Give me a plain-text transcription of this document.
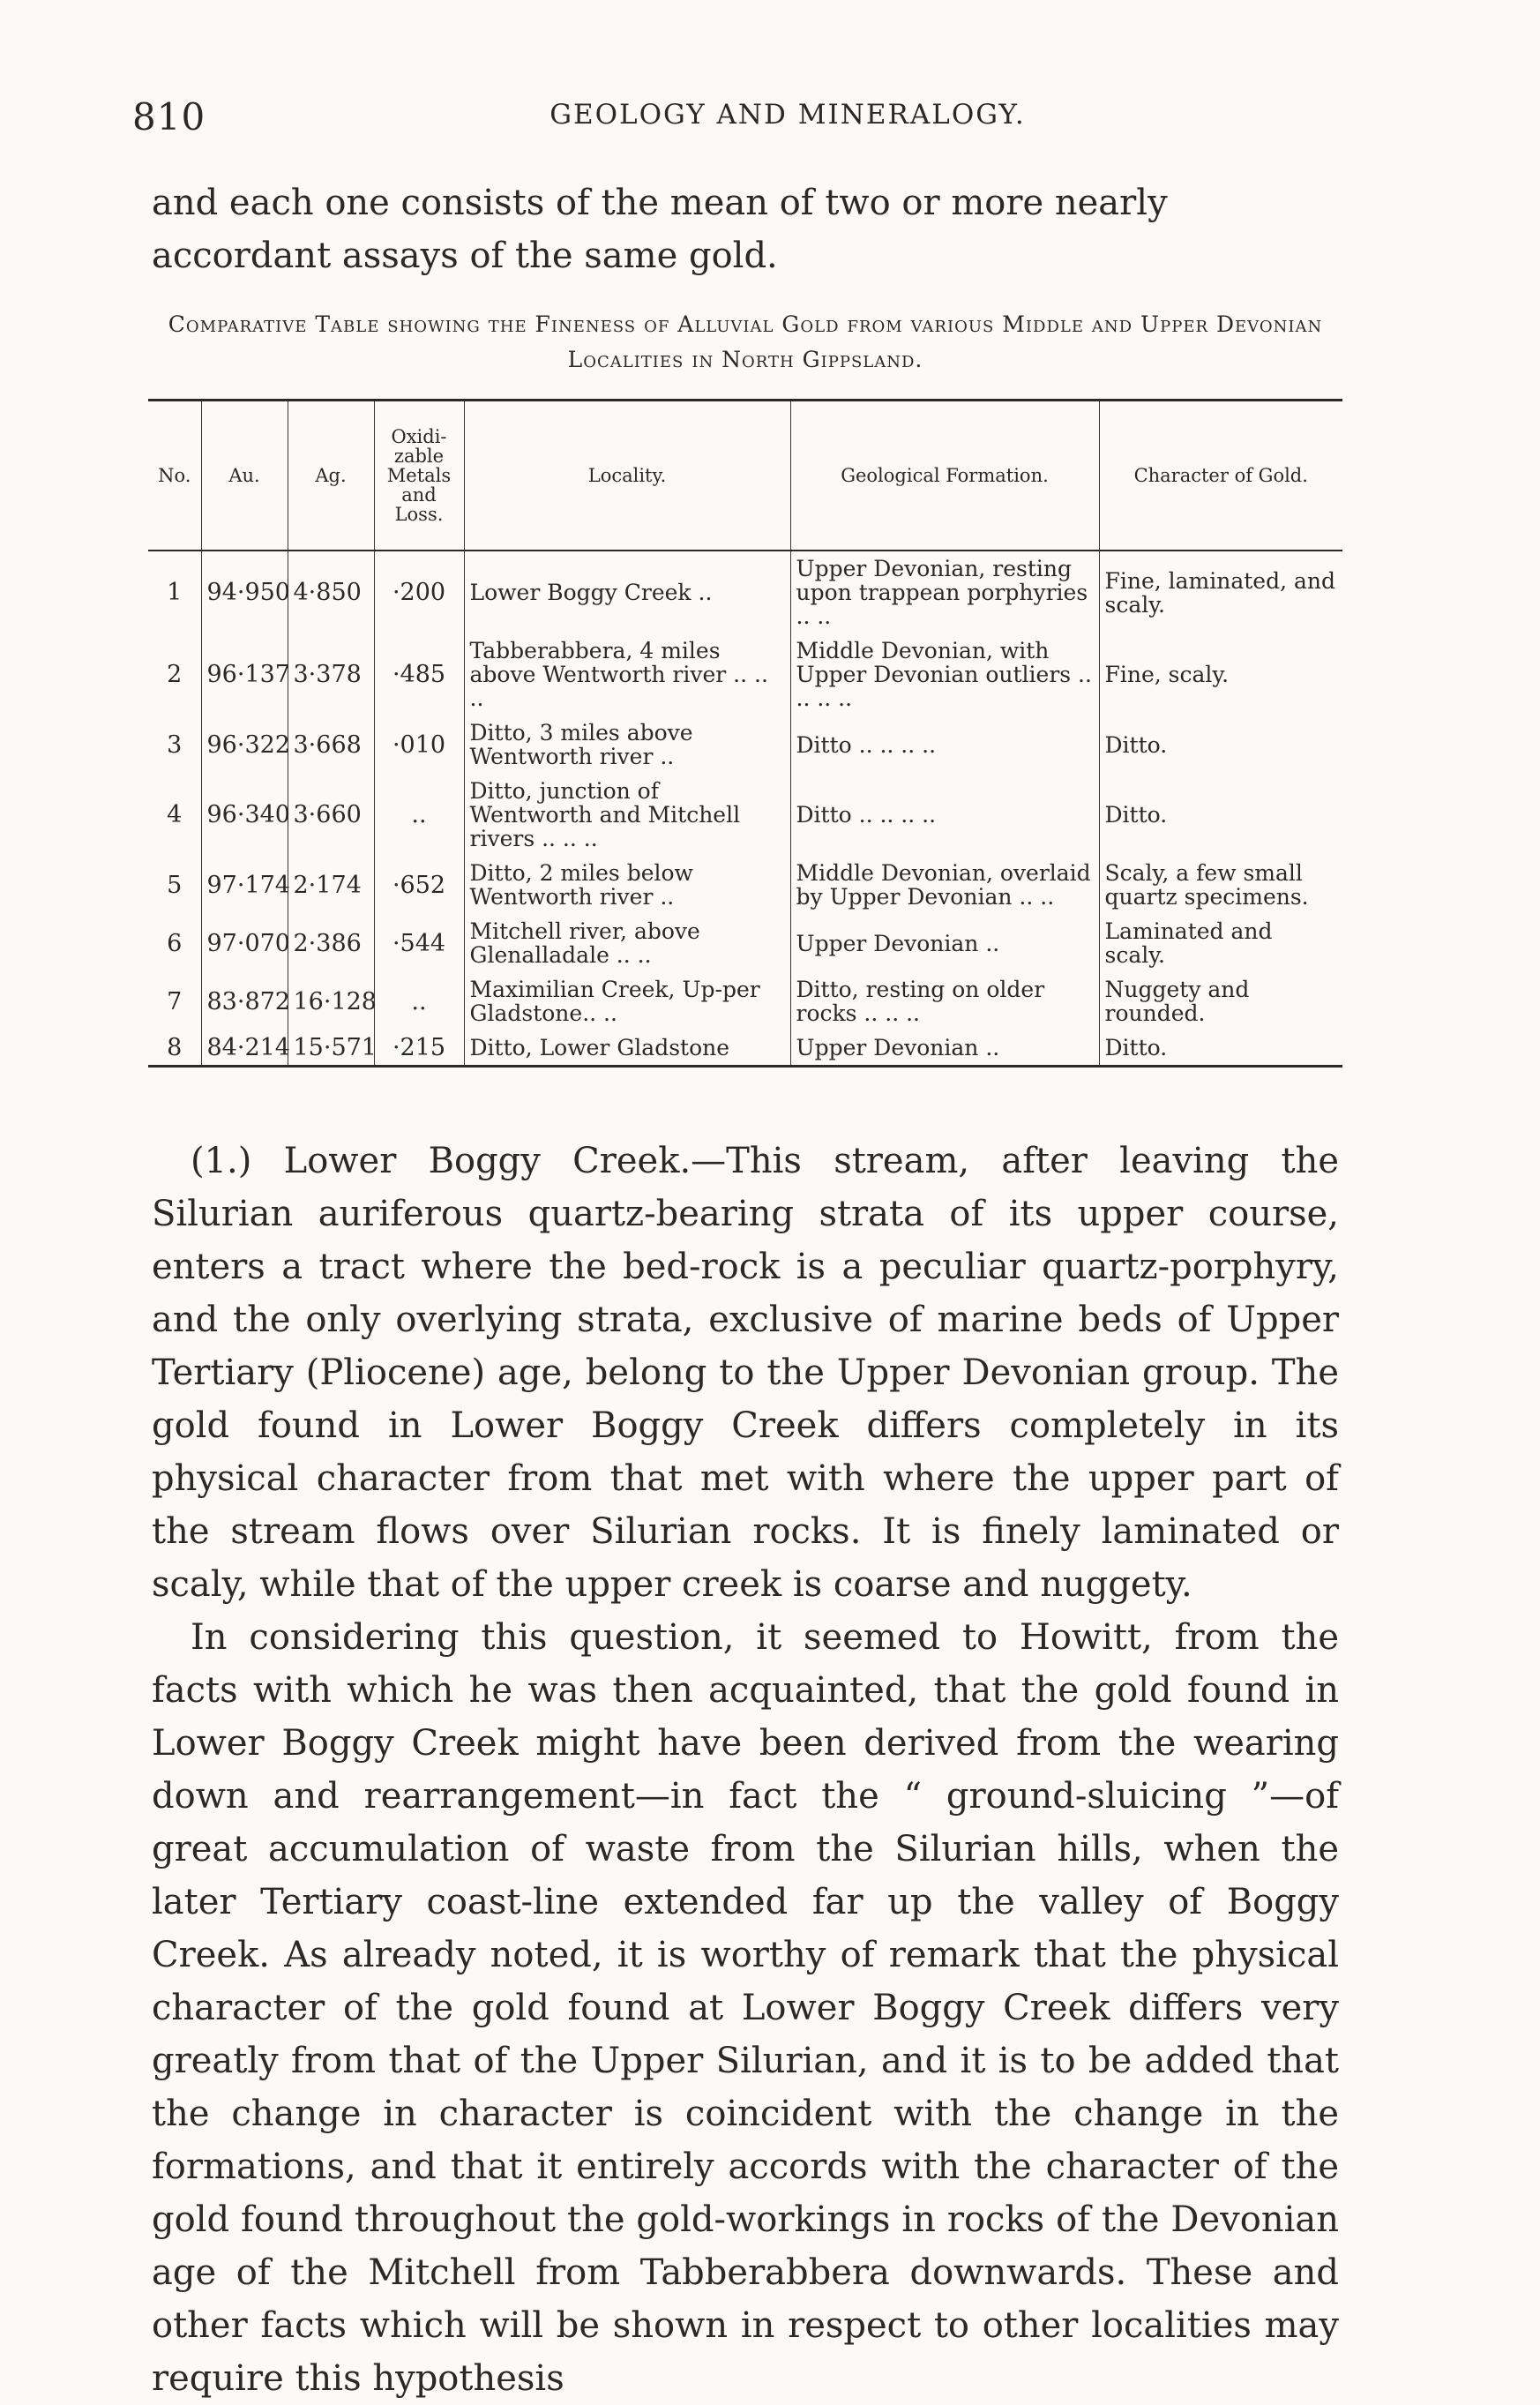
810	GEOLOGY AND MINERALOGY.

and each one consists of the mean of two or more nearly accordant assays of the same gold.

Comparative Table showing the Fineness of Alluvial Gold from various Middle and Upper Devonian Localities in North Gippsland.

No.	Au.	Ag.	Oxidi-zable Metals and Loss.	Locality.	Geological Formation.	Character of Gold.
1	94·950	4·850	·200	Lower Boggy Creek ..	Upper Devonian, resting upon trappean porphyries .. ..	Fine, laminated, and scaly.
2	96·137	3·378	·485	Tabberabbera, 4 miles above Wentworth river .. .. ..	Middle Devonian, with Upper Devonian outliers .. .. .. ..	Fine, scaly.
3	96·322	3·668	·010	Ditto, 3 miles above Wentworth river ..	Ditto .. .. .. ..	Ditto.
4	96·340	3·660	..	Ditto, junction of Wentworth and Mitchell rivers .. .. ..	Ditto .. .. .. ..	Ditto.
5	97·174	2·174	·652	Ditto, 2 miles below Wentworth river ..	Middle Devonian, overlaid by Upper Devonian .. ..	Scaly, a few small quartz specimens.
6	97·070	2·386	·544	Mitchell river, above Glenalladale .. ..	Upper Devonian ..	Laminated and scaly.
7	83·872	16·128	..	Maximilian Creek, Up-per Gladstone.. ..	Ditto, resting on older rocks .. .. ..	Nuggety and rounded.
8	84·214	15·571	·215	Ditto, Lower Gladstone	Upper Devonian ..	Ditto.

(1.) Lower Boggy Creek.—This stream, after leaving the Silurian auriferous quartz-bearing strata of its upper course, enters a tract where the bed-rock is a peculiar quartz-porphyry, and the only overlying strata, exclusive of marine beds of Upper Tertiary (Pliocene) age, belong to the Upper Devonian group. The gold found in Lower Boggy Creek differs completely in its physical character from that met with where the upper part of the stream flows over Silurian rocks. It is finely laminated or scaly, while that of the upper creek is coarse and nuggety.

In considering this question, it seemed to Howitt, from the facts with which he was then acquainted, that the gold found in Lower Boggy Creek might have been derived from the wearing down and rearrangement—in fact the “ ground-sluicing ”—of great accumulation of waste from the Silurian hills, when the later Tertiary coast-line extended far up the valley of Boggy Creek. As already noted, it is worthy of remark that the physical character of the gold found at Lower Boggy Creek differs very greatly from that of the Upper Silurian, and it is to be added that the change in character is coincident with the change in the formations, and that it entirely accords with the character of the gold found throughout the gold-workings in rocks of the Devonian age of the Mitchell from Tabberabbera downwards. These and other facts which will be shown in respect to other localities may require this hypothesis
